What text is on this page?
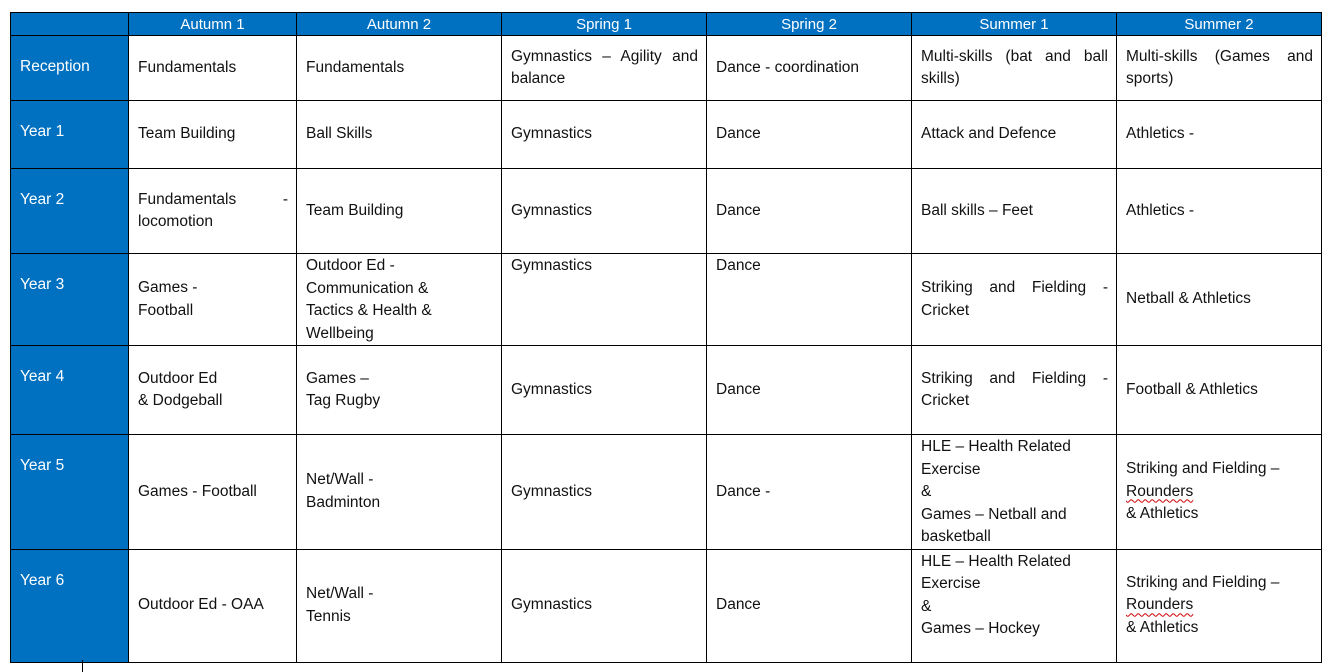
	Autumn 1	Autumn 2	Spring 1	Spring 2	Summer 1	Summer 2
Reception	Fundamentals	Fundamentals	Gymnastics – Agility and balance	Dance - coordination	Multi-skills (bat and ball skills)	Multi-skills (Games and sports)

Year 1	Team Building	Ball Skills	Gymnastics	Dance	Attack and Defence	Athletics -

Year 2	Fundamentals -
locomotion	Team Building	Gymnastics	Dance	Ball skills – Feet	Athletics -

Year 3	Games -
Football	Outdoor Ed -
Communication &
Tactics & Health &
Wellbeing	Gymnastics	Dance	Striking and Fielding - Cricket	Netball & Athletics

Year 4	Outdoor Ed
& Dodgeball	Games –
Tag Rugby	Gymnastics	Dance	Striking and Fielding - Cricket	Football & Athletics

Year 5	Games - Football	Net/Wall -
Badminton	Gymnastics	Dance -	HLE – Health Related
Exercise
&
Games – Netball and
basketball	Striking and Fielding –
Rounders
& Athletics

Year 6	Outdoor Ed - OAA	Net/Wall -
Tennis	Gymnastics	Dance	HLE – Health Related
Exercise
&
Games – Hockey	Striking and Fielding –
Rounders
& Athletics
